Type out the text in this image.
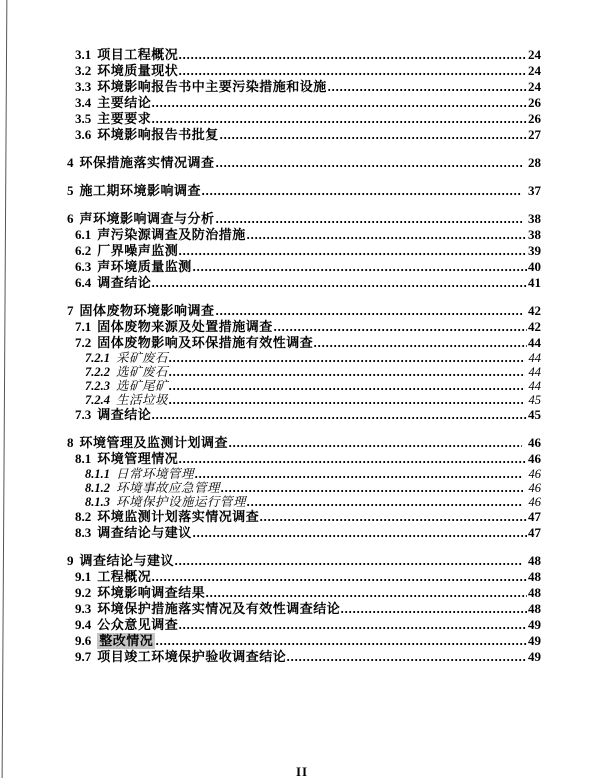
3.1 项目工程概况	24
3.2 环境质量现状	24
3.3 环境影响报告书中主要污染措施和设施	24
3.4 主要结论	26
3.5 主要要求	26
3.6 环境影响报告书批复	27
4 环保措施落实情况调查	28
5 施工期环境影响调查	37
6 声环境影响调查与分析	38
6.1 声污染源调查及防治措施	38
6.2 厂界噪声监测	39
6.3 声环境质量监测	40
6.4 调查结论	41
7 固体废物环境影响调查	42
7.1 固体废物来源及处置措施调查	42
7.2 固体废物影响及环保措施有效性调查	44
7.2.1 采矿废石	44
7.2.2 选矿废石	44
7.2.3 选矿尾矿	44
7.2.4 生活垃圾	45
7.3 调查结论	45
8 环境管理及监测计划调查	46
8.1 环境管理情况	46
8.1.1 日常环境管理	46
8.1.2 环境事故应急管理	46
8.1.3 环境保护设施运行管理	46
8.2 环境监测计划落实情况调查	47
8.3 调查结论与建议	47
9 调查结论与建议	48
9.1 工程概况	48
9.2 环境影响调查结果	48
9.3 环境保护措施落实情况及有效性调查结论	48
9.4 公众意见调查	49
9.6 整改情况	49
9.7 项目竣工环境保护验收调查结论	49
II
